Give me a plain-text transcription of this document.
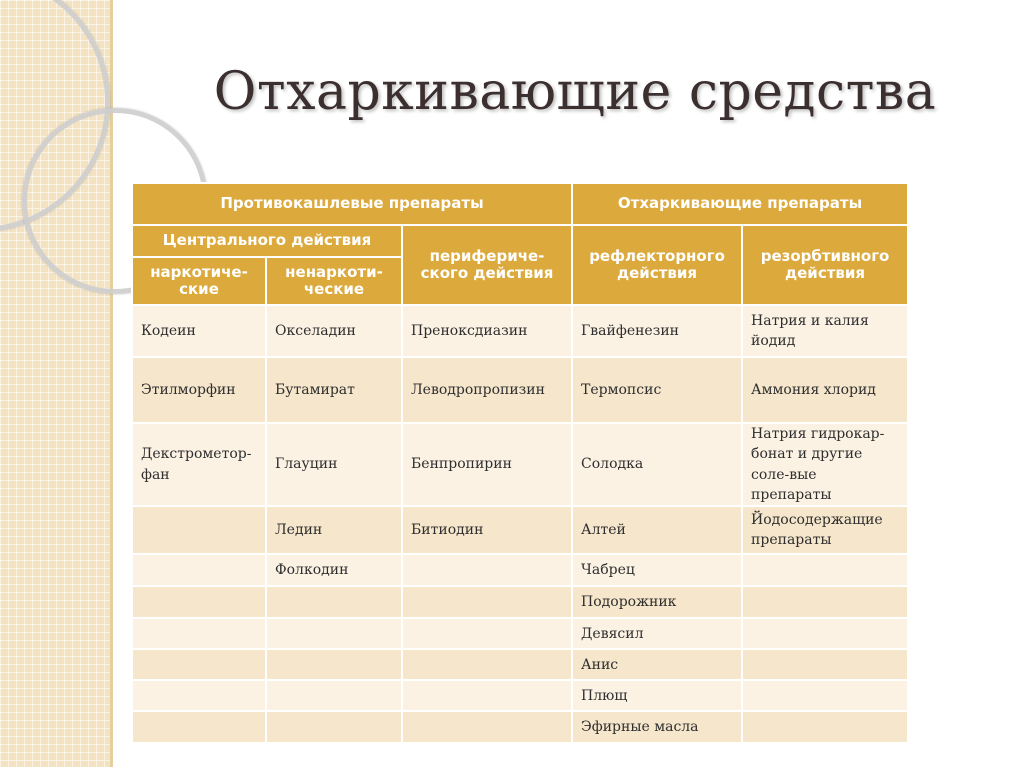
Отхаркивающие средства
Противокашлевые препараты			Отхаркивающие препараты	
Центрального действия		перифериче-ского действия	рефлекторного действия	резорбтивного действия
наркотиче-ские	ненаркоти-ческие			
Кодеин	Окселадин	Пренοксдиазин	Гвайфенезин	Натрия и калия йодид
Этилморфин	Бутамират	Леводропропизин	Термопсис	Аммония хлорид
Декстрометор-фан	Глауцин	Бенпропирин	Солодка	Натрия гидрокар-бонат и другие соле-вые препараты
	Ледин	Битиодин	Алтей	Йодосодержащие препараты
	Фолкодин		Чабрец	
			Подорожник	
			Девясил	
			Анис	
			Плющ	
			Эфирные масла	
